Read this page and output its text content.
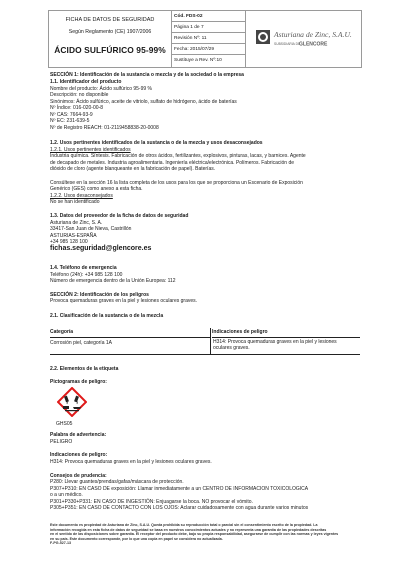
FICHA DE DATOS DE SEGURIDAD
Según Reglamento (CE) 1907/2006
ÁCIDO SULFÚRICO 95-99%
Cód. FDS-02
Página 1 de 7
Revisión Nº: 11
Fecha: 2015/07/29
Sustituye a Rev. Nº:10
Asturiana de Zinc, S.A.U.
SUBSIDIARIA DE
GLENCORE
SECCIÓN 1: Identificación de la sustancia o mezcla y de la sociedad o la empresa
1.1. Identificador del producto
Nombre del producto: Ácido sulfúrico 95-99 %
Descripción: no disponible
Sinónimos: Ácido sulfúrico, aceite de vitriolo, sulfato de hidrógeno, ácido de baterías
Nº Índice: 016-020-00-8
Nº CAS: 7664-93-9
Nº EC: 231-639-5
Nº de Registro REACH: 01-2119458838-20-0008
1.2. Usos pertinentes identificados de la sustancia o de la mezcla y usos desaconsejados
1.2.1. Usos pertinentes identificados
Industria química. Síntesis. Fabricación de otros ácidos, fertilizantes, explosivos, pinturas, lacas, y barnices. Agente
de decapado de metales. Industria agroalimentaria. Ingeniería eléctrica/electrónica. Polímeros. Fabricación de
dióxido de cloro (agente blanqueante en la fabricación de papel). Baterías.
Consúltese en la sección 16 la lista completa de los usos para los que se proporciona un Escenario de Exposición
Genérico (GES) como anexo a esta ficha.
1.2.2. Usos desaconsejados
No se han identificado
1.3. Datos del proveedor de la ficha de datos de seguridad
Asturiana de Zinc, S. A.
33417-San Juan de Nieva, Castrillón
ASTURIAS-ESPAÑA
+34 985 128 100
fichas.seguridad@glencore.es
1.4. Teléfono de emergencia
Teléfono (24h): +34 985 128 100
Número de emergencia dentro de la Unión Europea: 112
SECCIÓN 2: Identificación de los peligros
Provoca quemaduras graves en la piel y lesiones oculares graves.
2.1. Clasificación de la sustancia o de la mezcla
Categoría	Indicaciones de peligro
Corrosión piel, categoría 1A	H314: Provoca quemaduras graves en la piel y lesiones
oculares graves.
2.2. Elementos de la etiqueta
Pictogramas de peligro:
GHS05
Palabra de advertencia:
PELIGRO
Indicaciones de peligro:
H314: Provoca quemaduras graves en la piel y lesiones oculares graves.
Consejos de prudencia:
P280: Llevar guantes/prendas/gafas/máscara de protección.
P307+P310: EN CASO DE exposición: Llamar inmediatamente a un CENTRO DE INFORMACION TOXICOLOGICA
o a un médico.
P301+P330+P331: EN CASO DE INGESTIÓN: Enjuagarse la boca. NO provocar el vómito.
P305+P351: EN CASO DE CONTACTO CON LOS OJOS: Aclarar cuidadosamente con agua durante varios minutos
Este documento es propiedad de Asturiana de Zinc, S.A.U. Queda prohibida su reproducción total o parcial sin el consentimiento escrito de la propiedad. La
información recogida en esta ficha de datos de seguridad se basa en nuestros conocimientos actuales y no representa una garantía de las propiedades descritas
en el sentido de las disposiciones sobre garantía. El receptor del producto debe, bajo su propia responsabilidad, asegurarse de cumplir con las normas y leyes vigentes
en su país. Este documento corresponde, por lo que una copia en papel se considera no actualizada.
F-PG-527-13
